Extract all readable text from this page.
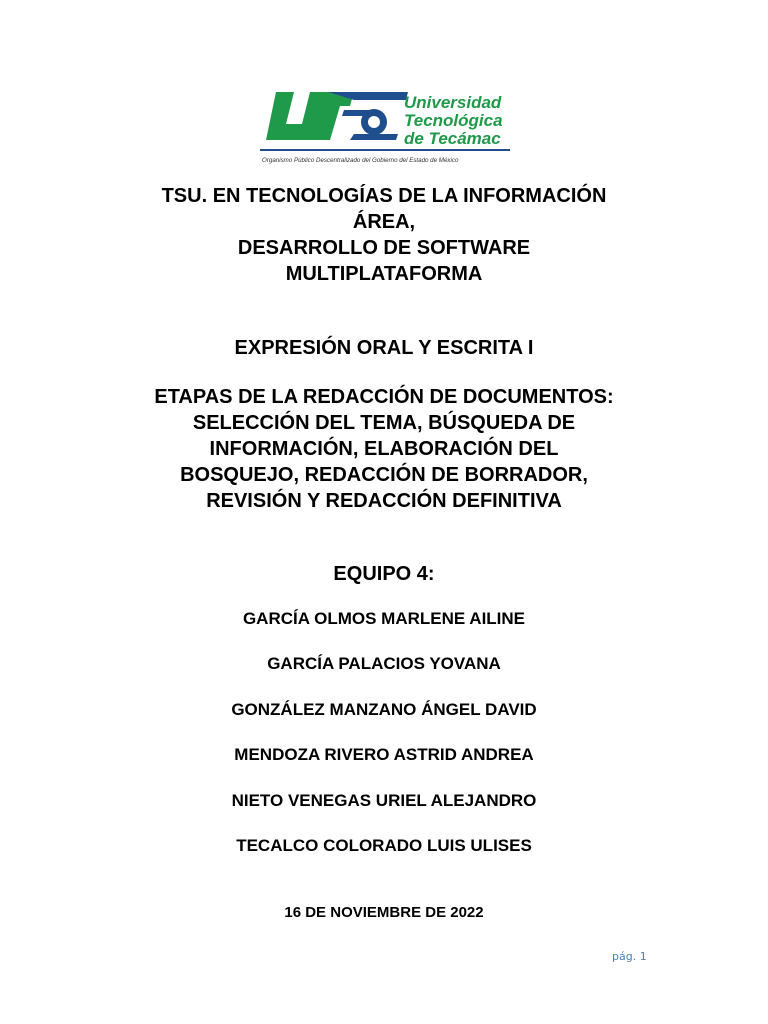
Universidad
Tecnológica
de Tecámac
Organismo Público Descentralizado del Gobierno del Estado de México
TSU. EN TECNOLOGÍAS DE LA INFORMACIÓN
ÁREA,
DESARROLLO DE SOFTWARE
MULTIPLATAFORMA
EXPRESIÓN ORAL Y ESCRITA I
ETAPAS DE LA REDACCIÓN DE DOCUMENTOS:
SELECCIÓN DEL TEMA, BÚSQUEDA DE
INFORMACIÓN, ELABORACIÓN DEL
BOSQUEJO, REDACCIÓN DE BORRADOR,
REVISIÓN Y REDACCIÓN DEFINITIVA
EQUIPO 4:
GARCÍA OLMOS MARLENE AILINE
GARCÍA PALACIOS YOVANA
GONZÁLEZ MANZANO ÁNGEL DAVID
MENDOZA RIVERO ASTRID ANDREA
NIETO VENEGAS URIEL ALEJANDRO
TECALCO COLORADO LUIS ULISES
16 DE NOVIEMBRE DE 2022
pág. 1
